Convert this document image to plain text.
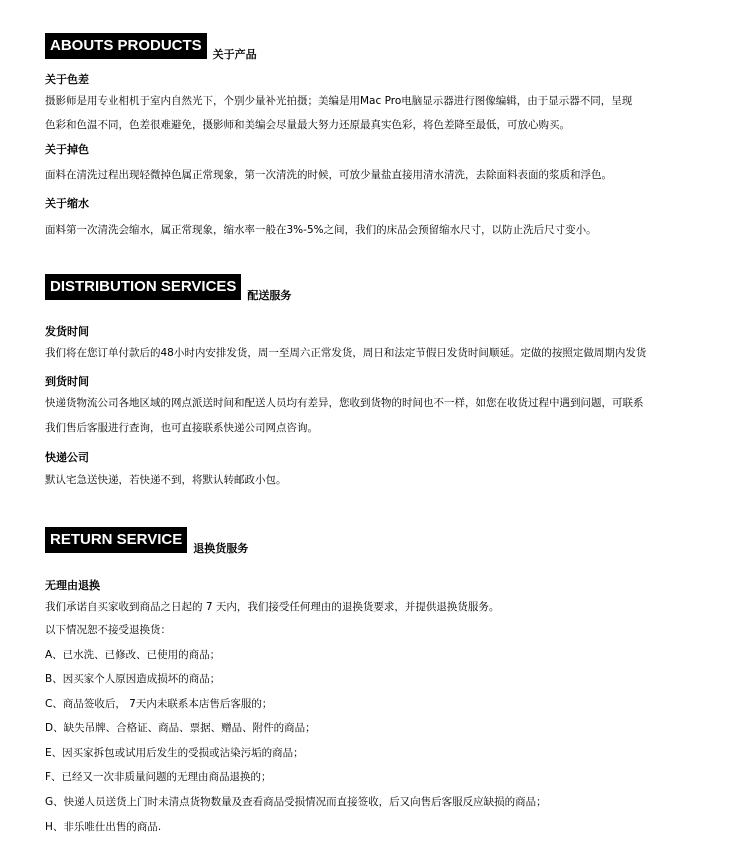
ABOUTS PRODUCTS
关于产品
关于色差
摄影师是用专业相机于室内自然光下，个别少量补光拍摄；美编是用Mac Pro电脑显示器进行图像编辑，由于显示器不同，呈现
色彩和色温不同，色差很难避免，摄影师和美编会尽量最大努力还原最真实色彩，将色差降至最低，可放心购买。
关于掉色
面料在清洗过程出现轻微掉色属正常现象，第一次清洗的时候，可放少量盐直接用清水清洗，去除面料表面的浆质和浮色。
关于缩水
面料第一次清洗会缩水，属正常现象，缩水率一般在3%-5%之间，我们的床品会预留缩水尺寸，以防止洗后尺寸变小。
DISTRIBUTION SERVICES
配送服务
发货时间
我们将在您订单付款后的48小时内安排发货，周一至周六正常发货，周日和法定节假日发货时间顺延。定做的按照定做周期内发货
到货时间
快递货物流公司各地区域的网点派送时间和配送人员均有差异，您收到货物的时间也不一样，如您在收货过程中遇到问题，可联系
我们售后客服进行查询，也可直接联系快递公司网点咨询。
快递公司
默认宅急送快递，若快递不到，将默认转邮政小包。
RETURN SERVICE
退换货服务
无理由退换
我们承诺自买家收到商品之日起的 7 天内，我们接受任何理由的退换货要求，并提供退换货服务。
以下情况恕不接受退换货：
A、已水洗、已修改、已使用的商品；
B、因买家个人原因造成损坏的商品；
C、商品签收后， 7天内未联系本店售后客服的；
D、缺失吊牌、合格证、商品、票据、赠品、附件的商品；
E、因买家拆包或试用后发生的受损或沾染污垢的商品；
F、已经又一次非质量问题的无理由商品退换的；
G、快递人员送货上门时未清点货物数量及查看商品受损情况而直接签收，后又向售后客服反应缺损的商品；
H、非乐唯仕出售的商品.
